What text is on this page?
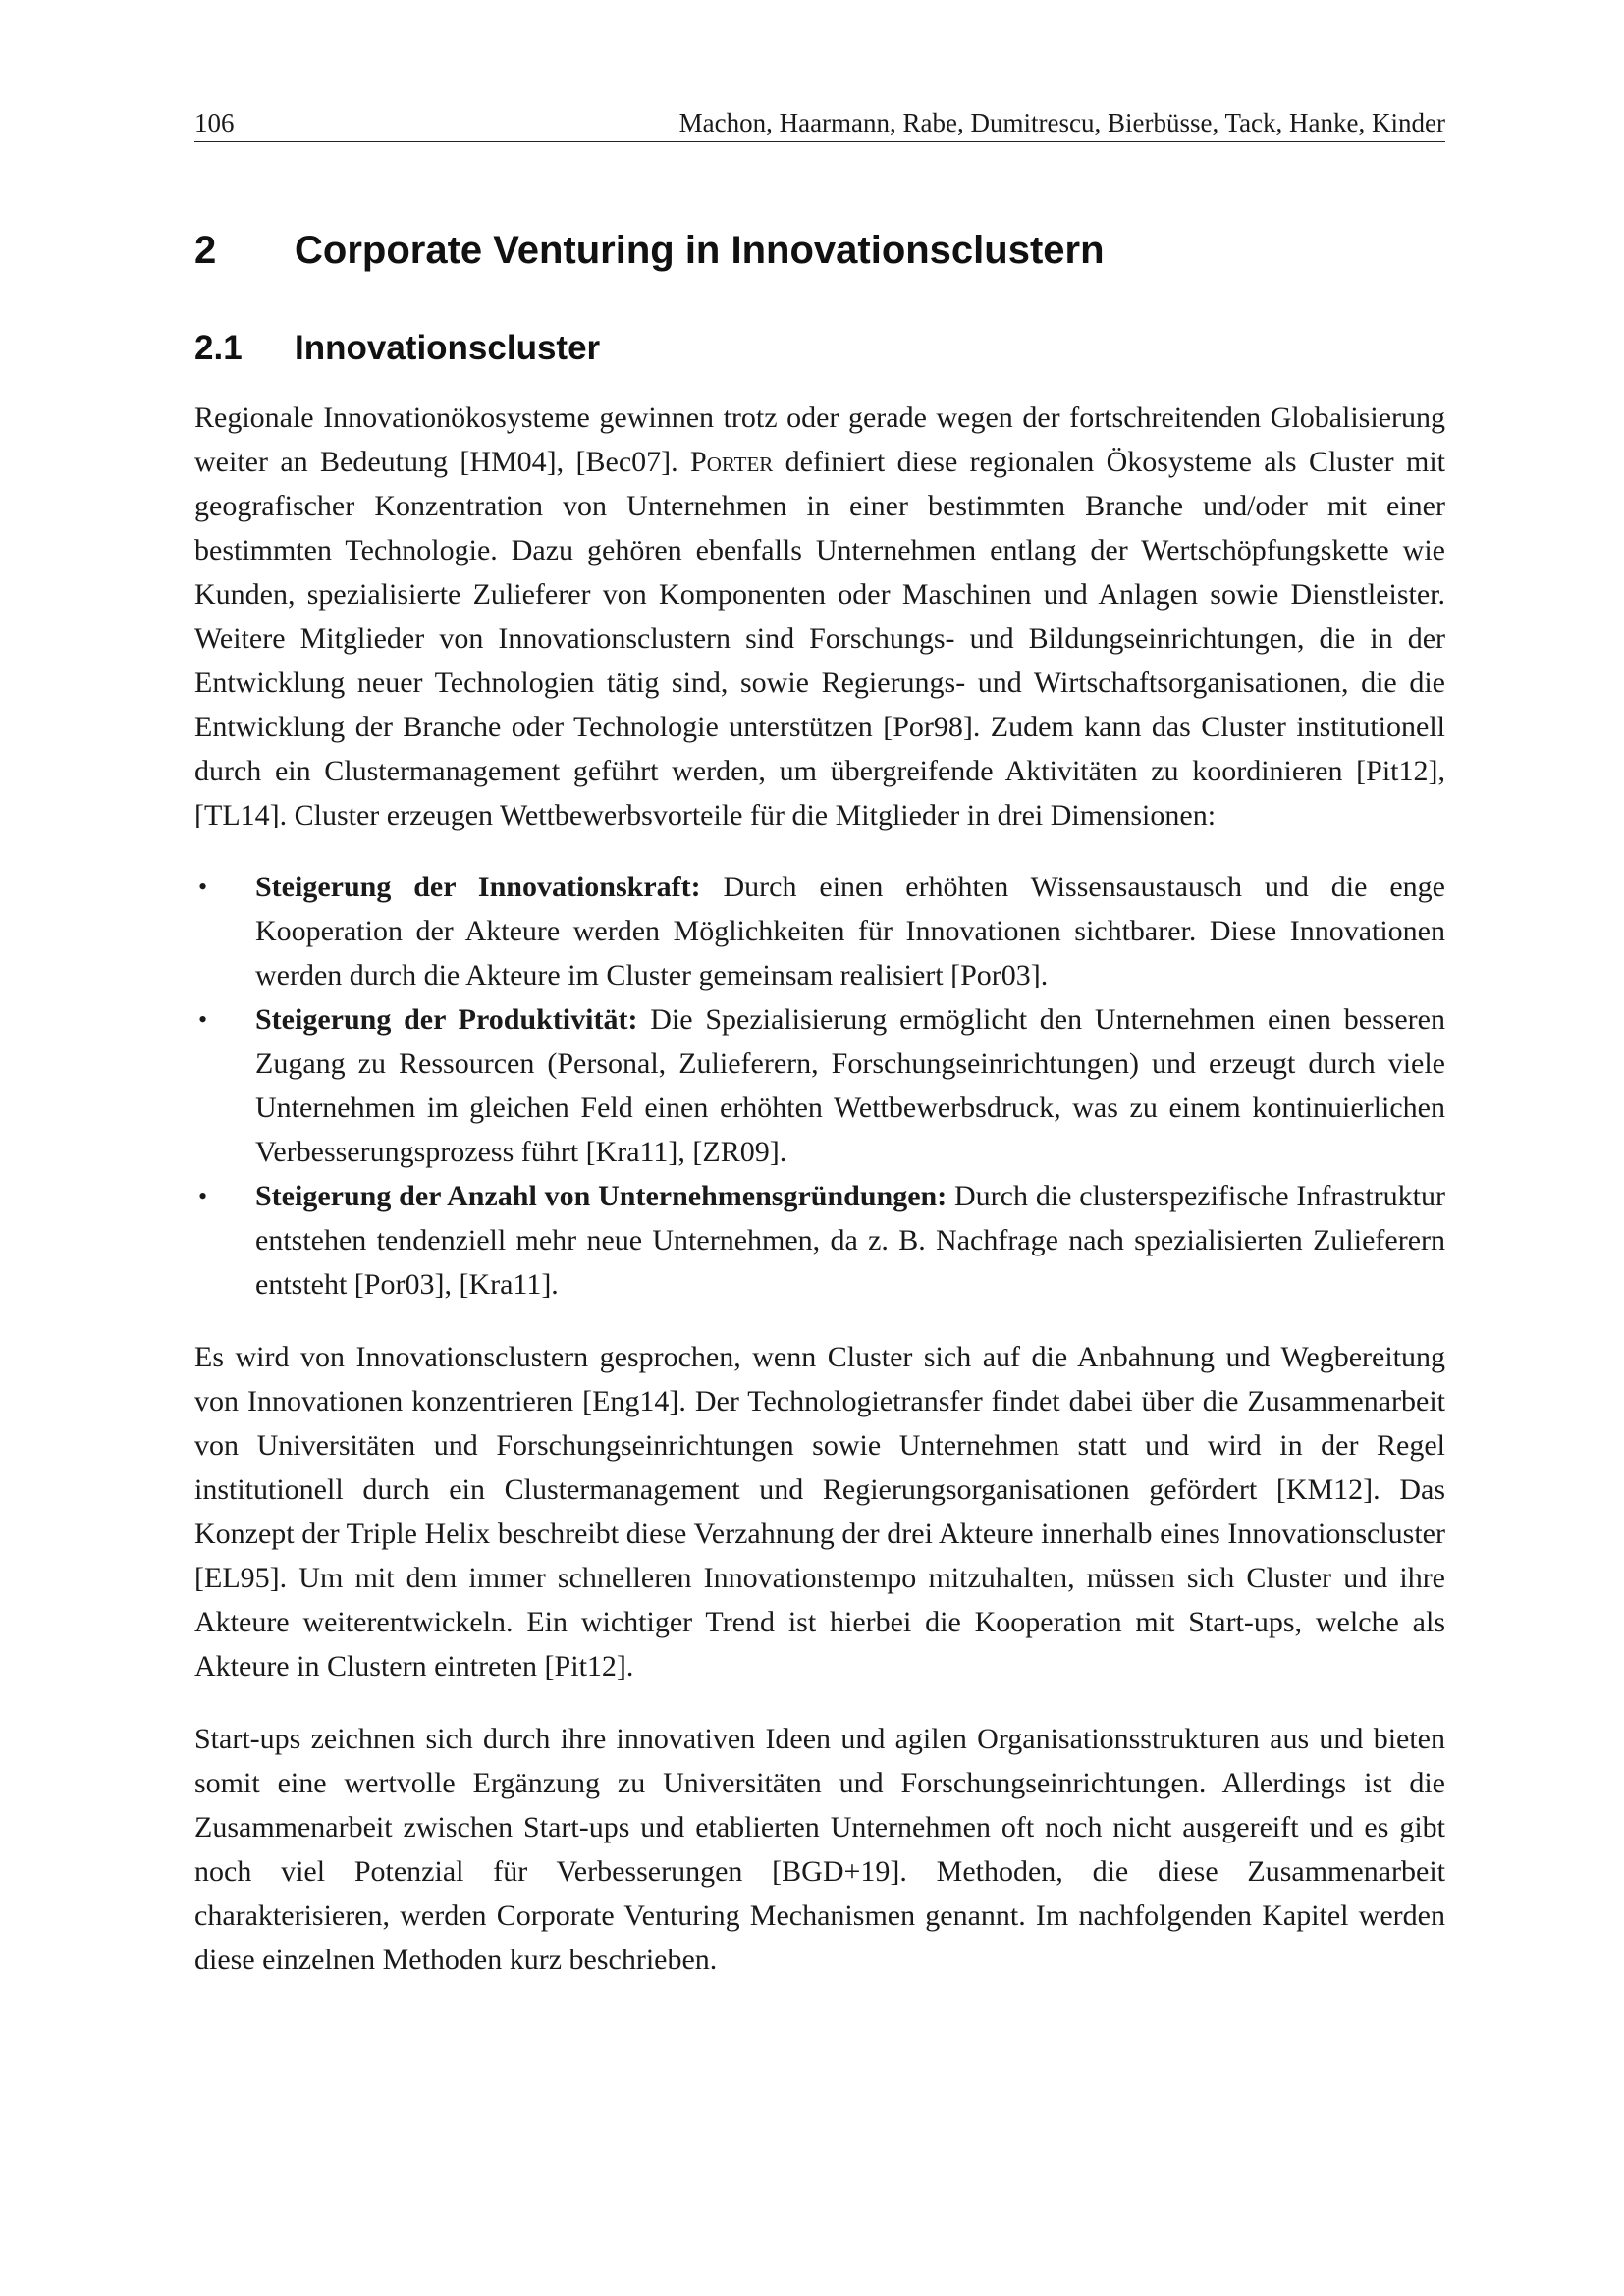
106	Machon, Haarmann, Rabe, Dumitrescu, Bierbüsse, Tack, Hanke, Kinder
2	Corporate Venturing in Innovationsclustern
2.1	Innovationscluster

Regionale Innovationökosysteme gewinnen trotz oder gerade wegen der fortschreitenden Globalisierung weiter an Bedeutung [HM04], [Bec07]. Porter definiert diese regionalen Ökosysteme als Cluster mit geografischer Konzentration von Unternehmen in einer bestimmten Branche und/oder mit einer bestimmten Technologie. Dazu gehören ebenfalls Unternehmen entlang der Wertschöpfungskette wie Kunden, spezialisierte Zulieferer von Komponenten oder Maschinen und Anlagen sowie Dienstleister. Weitere Mitglieder von Innovationsclustern sind Forschungs- und Bildungseinrichtungen, die in der Entwicklung neuer Technologien tätig sind, sowie Regierungs- und Wirtschaftsorganisationen, die die Entwicklung der Branche oder Technologie unterstützen [Por98]. Zudem kann das Cluster institutionell durch ein Clustermanagement geführt werden, um übergreifende Aktivitäten zu koordinieren [Pit12], [TL14]. Cluster erzeugen Wettbewerbsvorteile für die Mitglieder in drei Dimensionen:

• Steigerung der Innovationskraft: Durch einen erhöhten Wissensaustausch und die enge Kooperation der Akteure werden Möglichkeiten für Innovationen sichtbarer. Diese Innovationen werden durch die Akteure im Cluster gemeinsam realisiert [Por03].
• Steigerung der Produktivität: Die Spezialisierung ermöglicht den Unternehmen einen besseren Zugang zu Ressourcen (Personal, Zulieferern, Forschungseinrichtungen) und erzeugt durch viele Unternehmen im gleichen Feld einen erhöhten Wettbewerbsdruck, was zu einem kontinuierlichen Verbesserungsprozess führt [Kra11], [ZR09].
• Steigerung der Anzahl von Unternehmensgründungen: Durch die clusterspezifische Infrastruktur entstehen tendenziell mehr neue Unternehmen, da z. B. Nachfrage nach spezialisierten Zulieferern entsteht [Por03], [Kra11].

Es wird von Innovationsclustern gesprochen, wenn Cluster sich auf die Anbahnung und Wegbereitung von Innovationen konzentrieren [Eng14]. Der Technologietransfer findet dabei über die Zusammenarbeit von Universitäten und Forschungseinrichtungen sowie Unternehmen statt und wird in der Regel institutionell durch ein Clustermanagement und Regierungsorganisationen gefördert [KM12]. Das Konzept der Triple Helix beschreibt diese Verzahnung der drei Akteure innerhalb eines Innovationscluster [EL95]. Um mit dem immer schnelleren Innovationstempo mitzuhalten, müssen sich Cluster und ihre Akteure weiterentwickeln. Ein wichtiger Trend ist hierbei die Kooperation mit Start-ups, welche als Akteure in Clustern eintreten [Pit12].

Start-ups zeichnen sich durch ihre innovativen Ideen und agilen Organisationsstrukturen aus und bieten somit eine wertvolle Ergänzung zu Universitäten und Forschungseinrichtungen. Allerdings ist die Zusammenarbeit zwischen Start-ups und etablierten Unternehmen oft noch nicht ausgereift und es gibt noch viel Potenzial für Verbesserungen [BGD+19]. Methoden, die diese Zusammenarbeit charakterisieren, werden Corporate Venturing Mechanismen genannt. Im nachfolgenden Kapitel werden diese einzelnen Methoden kurz beschrieben.
